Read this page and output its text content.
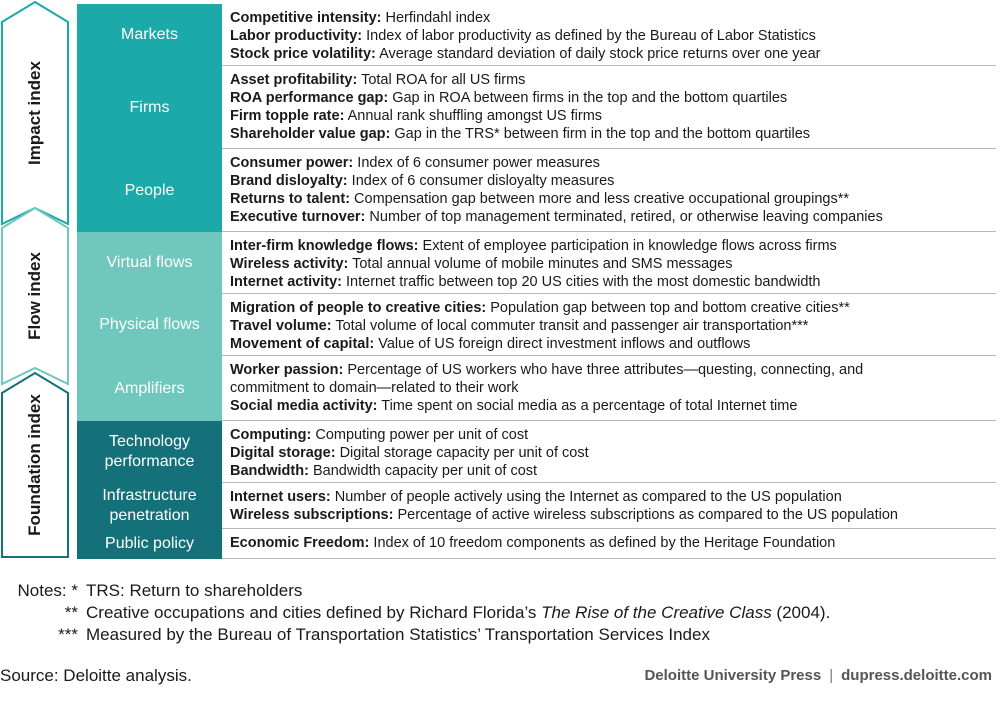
Impact index
Flow index
Foundation index
Markets
Competitive intensity: Herfindahl index
Labor productivity: Index of labor productivity as defined by the Bureau of Labor Statistics
Stock price volatility: Average standard deviation of daily stock price returns over one year
Firms
Asset profitability: Total ROA for all US firms
ROA performance gap: Gap in ROA between firms in the top and the bottom quartiles
Firm topple rate: Annual rank shuffling amongst US firms
Shareholder value gap: Gap in the TRS* between firm in the top and the bottom quartiles
People
Consumer power: Index of 6 consumer power measures
Brand disloyalty: Index of 6 consumer disloyalty measures
Returns to talent: Compensation gap between more and less creative occupational groupings**
Executive turnover: Number of top management terminated, retired, or otherwise leaving companies
Virtual flows
Inter-firm knowledge flows: Extent of employee participation in knowledge flows across firms
Wireless activity: Total annual volume of mobile minutes and SMS messages
Internet activity: Internet traffic between top 20 US cities with the most domestic bandwidth
Physical flows
Migration of people to creative cities: Population gap between top and bottom creative cities**
Travel volume: Total volume of local commuter transit and passenger air transportation***
Movement of capital: Value of US foreign direct investment inflows and outflows
Amplifiers
Worker passion: Percentage of US workers who have three attributes—questing, connecting, and commitment to domain—related to their work
Social media activity: Time spent on social media as a percentage of total Internet time
Technology
performance
Computing: Computing power per unit of cost
Digital storage: Digital storage capacity per unit of cost
Bandwidth: Bandwidth capacity per unit of cost
Infrastructure
penetration
Internet users: Number of people actively using the Internet as compared to the US population
Wireless subscriptions: Percentage of active wireless subscriptions as compared to the US population
Public policy Economic Freedom: Index of 10 freedom components as defined by the Heritage Foundation
Notes: * TRS: Return to shareholders
** Creative occupations and cities defined by Richard Florida’s The Rise of the Creative Class (2004).
*** Measured by the Bureau of Transportation Statistics’ Transportation Services Index
Source: Deloitte analysis.	Deloitte University Press | dupress.deloitte.com
